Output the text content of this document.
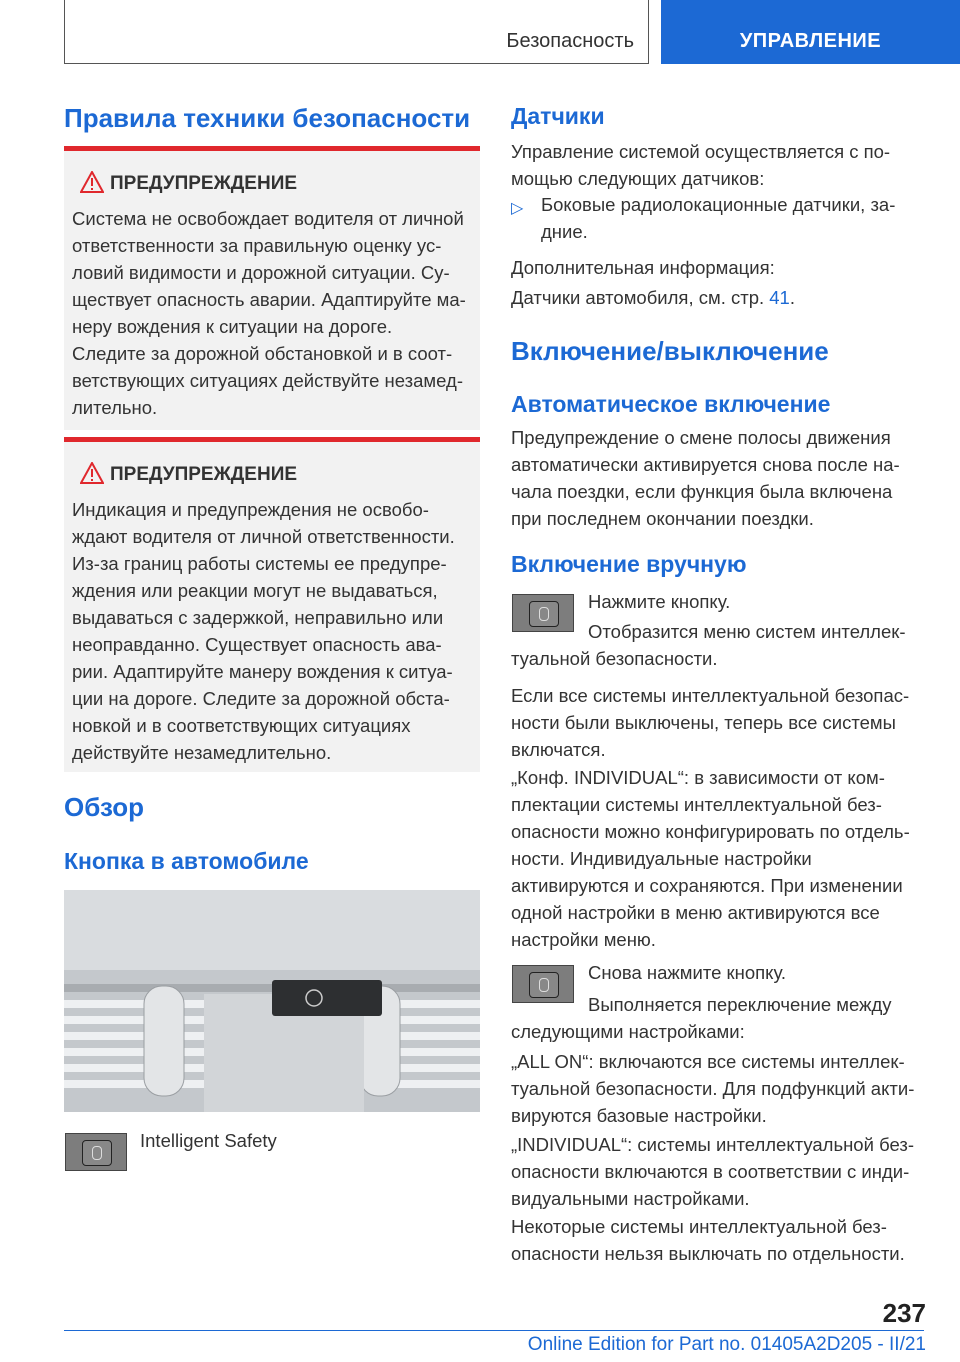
Безопасность	УПРАВЛЕНИЕ
Правила техники безопасности
ПРЕДУПРЕЖДЕНИЕ
Система не освобождает водителя от личной
ответственности за правильную оценку ус-
ловий видимости и дорожной ситуации. Су-
ществует опасность аварии. Адаптируйте ма-
неру вождения к ситуации на дороге.
Следите за дорожной обстановкой и в соот-
ветствующих ситуациях действуйте незамед-
лительно.
ПРЕДУПРЕЖДЕНИЕ
Индикация и предупреждения не освобо-
ждают водителя от личной ответственности.
Из-за границ работы системы ее предупре-
ждения или реакции могут не выдаваться,
выдаваться с задержкой, неправильно или
неоправданно. Существует опасность ава-
рии. Адаптируйте манеру вождения к ситуа-
ции на дороге. Следите за дорожной обста-
новкой и в соответствующих ситуациях
действуйте незамедлительно.
Обзор
Кнопка в автомобиле

Intelligent Safety

Датчики

Управление системой осуществляется с по-

мощью следующих датчиков:

▷ Боковые радиолокационные датчики, за-

дние.

Дополнительная информация:

Датчики автомобиля, см. стр. 41.

Включение/выключение
Автоматическое включение

Предупреждение о смене полосы движения

автоматически активируется снова после на-

чала поездки, если функция была включена

при последнем окончании поездки.

Включение вручную

Нажмите кнопку.

Отобразится меню систем интеллек-

туальной безопасности.

Если все системы интеллектуальной безопас-

ности были выключены, теперь все системы

включатся.

„Конф. INDIVIDUAL“: в зависимости от ком-

плектации системы интеллектуальной без-

опасности можно конфигурировать по отдель-

ности. Индивидуальные настройки

активируются и сохраняются. При изменении

одной настройки в меню активируются все

настройки меню.

Снова нажмите кнопку.

Выполняется переключение между

следующими настройками:

„ALL ON“: включаются все системы интеллек-

туальной безопасности. Для подфункций акти-

вируются базовые настройки.

„INDIVIDUAL“: системы интеллектуальной без-

опасности включаются в соответствии с инди-

видуальными настройками.

Некоторые системы интеллектуальной без-

опасности нельзя выключать по отдельности.

237
Online Edition for Part no. 01405A2D205 - II/21
